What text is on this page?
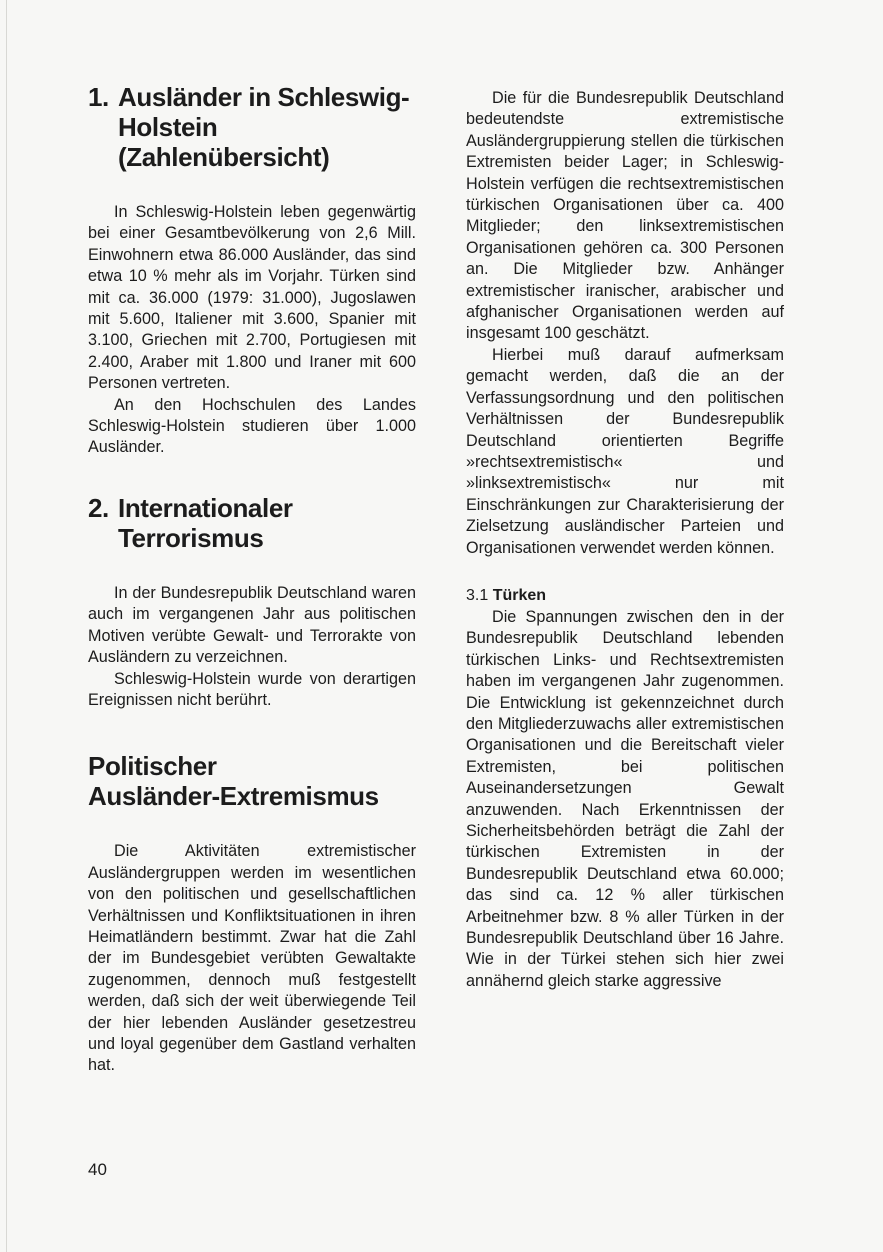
1. Ausländer in Schleswig-Holstein (Zahlenübersicht)

In Schleswig-Holstein leben gegenwärtig bei einer Gesamtbevölkerung von 2,6 Mill. Einwohnern etwa 86.000 Ausländer, das sind etwa 10 % mehr als im Vorjahr. Türken sind mit ca. 36.000 (1979: 31.000), Jugoslawen mit 5.600, Italiener mit 3.600, Spanier mit 3.100, Griechen mit 2.700, Portugiesen mit 2.400, Araber mit 1.800 und Iraner mit 600 Personen vertreten.

An den Hochschulen des Landes Schleswig-Holstein studieren über 1.000 Ausländer.

2. Internationaler Terrorismus

In der Bundesrepublik Deutschland waren auch im vergangenen Jahr aus politischen Motiven verübte Gewalt- und Terrorakte von Ausländern zu verzeichnen.

Schleswig-Holstein wurde von derartigen Ereignissen nicht berührt.

Politischer
Ausländer-Extremismus

Die Aktivitäten extremistischer Ausländergruppen werden im wesentlichen von den politischen und gesellschaftlichen Verhältnissen und Konfliktsituationen in ihren Heimatländern bestimmt. Zwar hat die Zahl der im Bundesgebiet verübten Gewaltakte zugenommen, dennoch muß festgestellt werden, daß sich der weit überwiegende Teil der hier lebenden Ausländer gesetzestreu und loyal gegenüber dem Gastland verhalten hat.

Die für die Bundesrepublik Deutschland bedeutendste extremistische Ausländergruppierung stellen die türkischen Extremisten beider Lager; in Schleswig-Holstein verfügen die rechtsextremistischen türkischen Organisationen über ca. 400 Mitglieder; den linksextremistischen Organisationen gehören ca. 300 Personen an. Die Mitglieder bzw. Anhänger extremistischer iranischer, arabischer und afghanischer Organisationen werden auf insgesamt 100 geschätzt.

Hierbei muß darauf aufmerksam gemacht werden, daß die an der Verfassungsordnung und den politischen Verhältnissen der Bundesrepublik Deutschland orientierten Begriffe »rechtsextremistisch« und »linksextremistisch« nur mit Einschränkungen zur Charakterisierung der Zielsetzung ausländischer Parteien und Organisationen verwendet werden können.

3.1 Türken

Die Spannungen zwischen den in der Bundesrepublik Deutschland lebenden türkischen Links- und Rechtsextremisten haben im vergangenen Jahr zugenommen. Die Entwicklung ist gekennzeichnet durch den Mitgliederzuwachs aller extremistischen Organisationen und die Bereitschaft vieler Extremisten, bei politischen Auseinandersetzungen Gewalt anzuwenden. Nach Erkenntnissen der Sicherheitsbehörden beträgt die Zahl der türkischen Extremisten in der Bundesrepublik Deutschland etwa 60.000; das sind ca. 12 % aller türkischen Arbeitnehmer bzw. 8 % aller Türken in der Bundesrepublik Deutschland über 16 Jahre. Wie in der Türkei stehen sich hier zwei annähernd gleich starke aggressive

40
